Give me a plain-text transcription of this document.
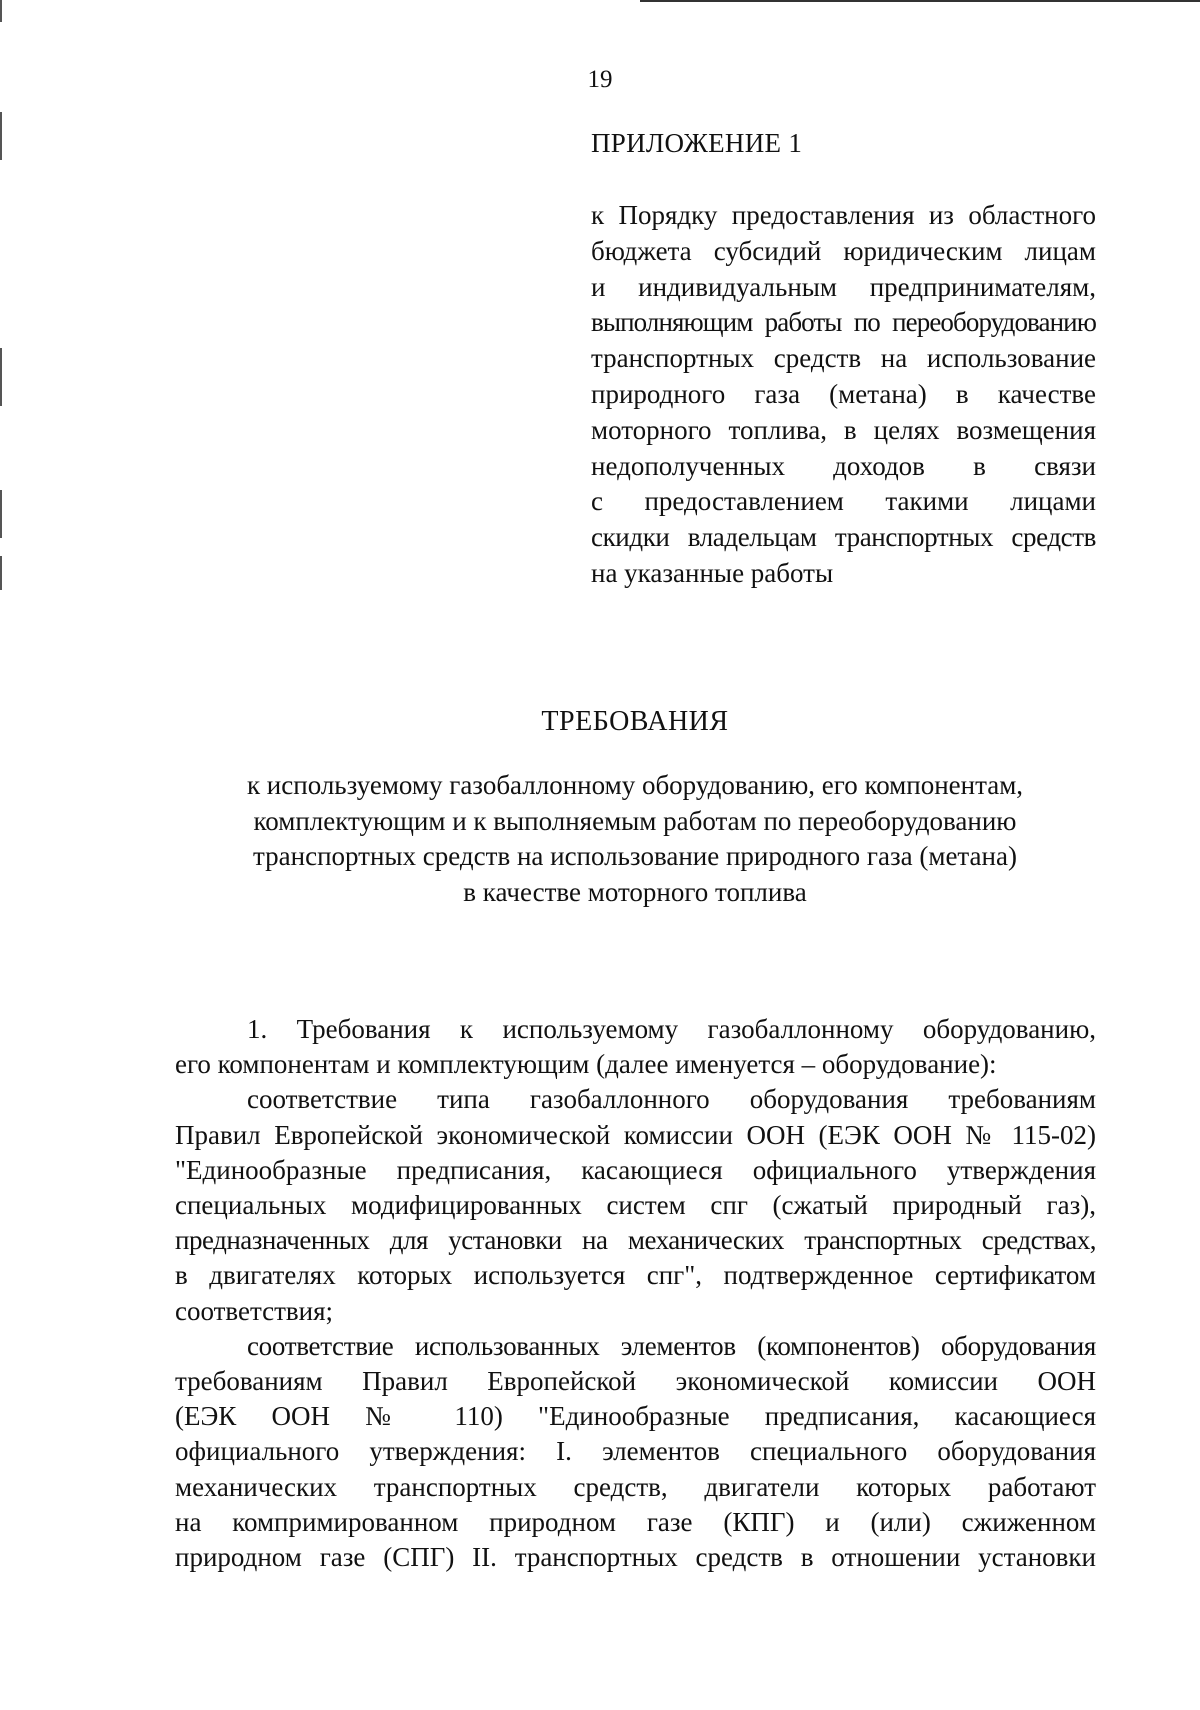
19
ПРИЛОЖЕНИЕ 1
к Порядку предоставления из областного
бюджета субсидий юридическим лицам
и индивидуальным предпринимателям,
выполняющим работы по переоборудованию
транспортных средств на использование
природного газа (метана) в качестве
моторного топлива, в целях возмещения
недополученных доходов в связи
с предоставлением такими лицами
скидки владельцам транспортных средств
на указанные работы
ТРЕБОВАНИЯ
к используемому газобаллонному оборудованию, его компонентам,
комплектующим и к выполняемым работам по переоборудованию
транспортных средств на использование природного газа (метана)
в качестве моторного топлива
1. Требования к используемому газобаллонному оборудованию,
его компонентам и комплектующим (далее именуется – оборудование):
соответствие типа газобаллонного оборудования требованиям
Правил Европейской экономической комиссии ООН (ЕЭК ООН № 115-02)
"Единообразные предписания, касающиеся официального утверждения
специальных модифицированных систем спг (сжатый природный газ),
предназначенных для установки на механических транспортных средствах,
в двигателях которых используется спг", подтвержденное сертификатом
соответствия;
соответствие использованных элементов (компонентов) оборудования
требованиям Правил Европейской экономической комиссии ООН
(ЕЭК ООН № 110) "Единообразные предписания, касающиеся
официального утверждения: I. элементов специального оборудования
механических транспортных средств, двигатели которых работают
на компримированном природном газе (КПГ) и (или) сжиженном
природном газе (СПГ) II. транспортных средств в отношении установки
